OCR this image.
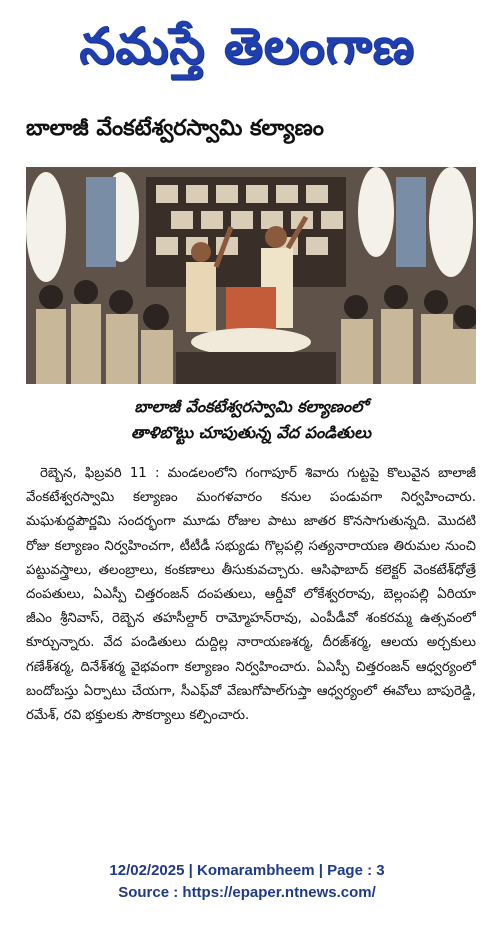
నమస్తే తెలంగాణ
బాలాజీ వేంకటేశ్వరస్వామి కల్యాణం
బాలాజీ వేంకటేశ్వరస్వామి కల్యాణంలో
తాళిబొట్టు చూపుతున్న వేద పండితులు

రెబ్బెన, ఫిబ్రవరి 11 : మండలంలోని గంగాపూర్ శివారు గుట్టపై కొలువైన బాలాజీ వేంకటేశ్వరస్వామి కల్యాణం మంగళవారం కనుల పండువగా నిర్వహించారు. మఘశుద్ధపౌర్ణమి సందర్భంగా మూడు రోజుల పాటు జాతర కొనసాగుతున్నది. మొదటి రోజు కల్యాణం నిర్వహించగా, టీటీడీ సభ్యుడు గొల్లపల్లి సత్యనారాయణ తిరుమల నుంచి పట్టువస్త్రాలు, తలంబ్రాలు, కంకణాలు తీసుకువచ్చారు. ఆసిఫాబాద్ కలెక్టర్ వెంకటేశ్‌ధోత్రే దంపతులు, ఏఎస్పీ చిత్తరంజన్ దంపతులు, ఆర్డీవో లోకేశ్వరరావు, బెల్లంపల్లి ఏరియా జీఎం శ్రీనివాస్, రెబ్బెన తహసీల్దార్ రామ్మోహన్‌రావు, ఎంపీడీవో శంకరమ్మ ఉత్సవంలో కూర్చున్నారు. వేద పండితులు దుద్దిల్ల నారాయణశర్మ, దీరజ్‌శర్మ, ఆలయ అర్చకులు గణేశ్‌శర్మ, దినేశ్‌శర్మ వైభవంగా కల్యాణం నిర్వహించారు. ఏఎస్పీ చిత్తరంజన్ ఆధ్వర్యంలో బందోబస్తు ఏర్పాటు చేయగా, సీఎఫ్‌వో వేణుగోపాల్‌గుప్తా ఆధ్వర్యంలో ఈవోలు బాపురెడ్డి, రమేశ్, రవి భక్తులకు సౌకర్యాలు కల్పించారు.

12/02/2025 | Komarambheem | Page : 3
Source : https://epaper.ntnews.com/
